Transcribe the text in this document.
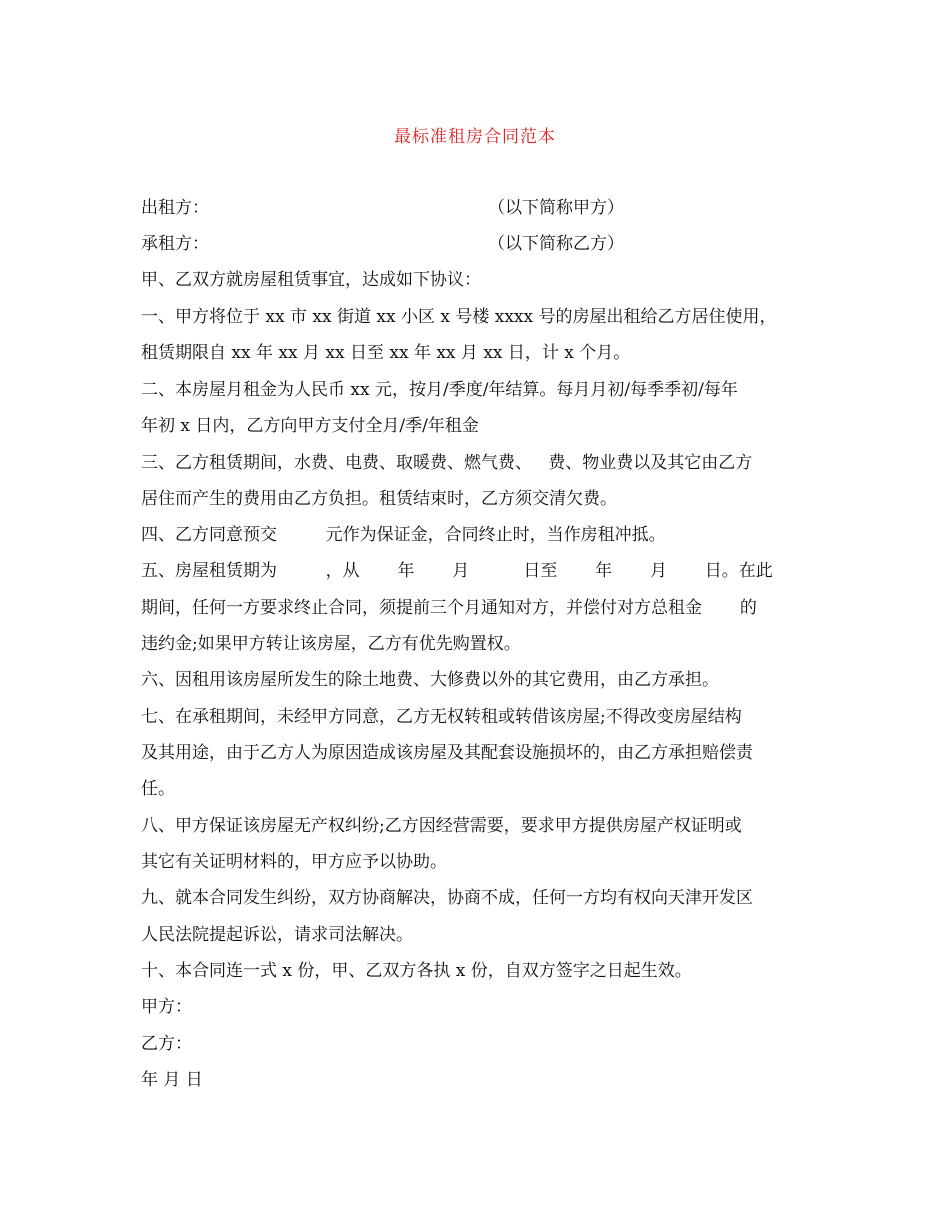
最标准租房合同范本
出租方：	（以下简称甲方）
承租方：	（以下简称乙方）
甲、乙双方就房屋租赁事宜，达成如下协议：
一、甲方将位于 xx 市 xx 街道 xx 小区 x 号楼 xxxx 号的房屋出租给乙方居住使用，
租赁期限自 xx 年 xx 月 xx 日至 xx 年 xx 月 xx 日，计 x 个月。
二、本房屋月租金为人民币 xx 元，按月/季度/年结算。每月月初/每季季初/每年
年初 x 日内，乙方向甲方支付全月/季/年租金
三、乙方租赁期间，水费、电费、取暖费、燃气费、   费、物业费以及其它由乙方
居住而产生的费用由乙方负担。租赁结束时，乙方须交清欠费。
四、乙方同意预交         元作为保证金，合同终止时，当作房租冲抵。
五、房屋租赁期为         ，从       年       月          日至       年       月       日。在此
期间，任何一方要求终止合同，须提前三个月通知对方，并偿付对方总租金       的
违约金;如果甲方转让该房屋，乙方有优先购置权。
六、因租用该房屋所发生的除土地费、大修费以外的其它费用，由乙方承担。
七、在承租期间，未经甲方同意，乙方无权转租或转借该房屋;不得改变房屋结构
及其用途，由于乙方人为原因造成该房屋及其配套设施损坏的，由乙方承担赔偿责
任。
八、甲方保证该房屋无产权纠纷;乙方因经营需要，要求甲方提供房屋产权证明或
其它有关证明材料的，甲方应予以协助。
九、就本合同发生纠纷，双方协商解决，协商不成，任何一方均有权向天津开发区
人民法院提起诉讼，请求司法解决。
十、本合同连一式 x 份，甲、乙双方各执 x 份，自双方签字之日起生效。
甲方：
乙方：
年 月 日
